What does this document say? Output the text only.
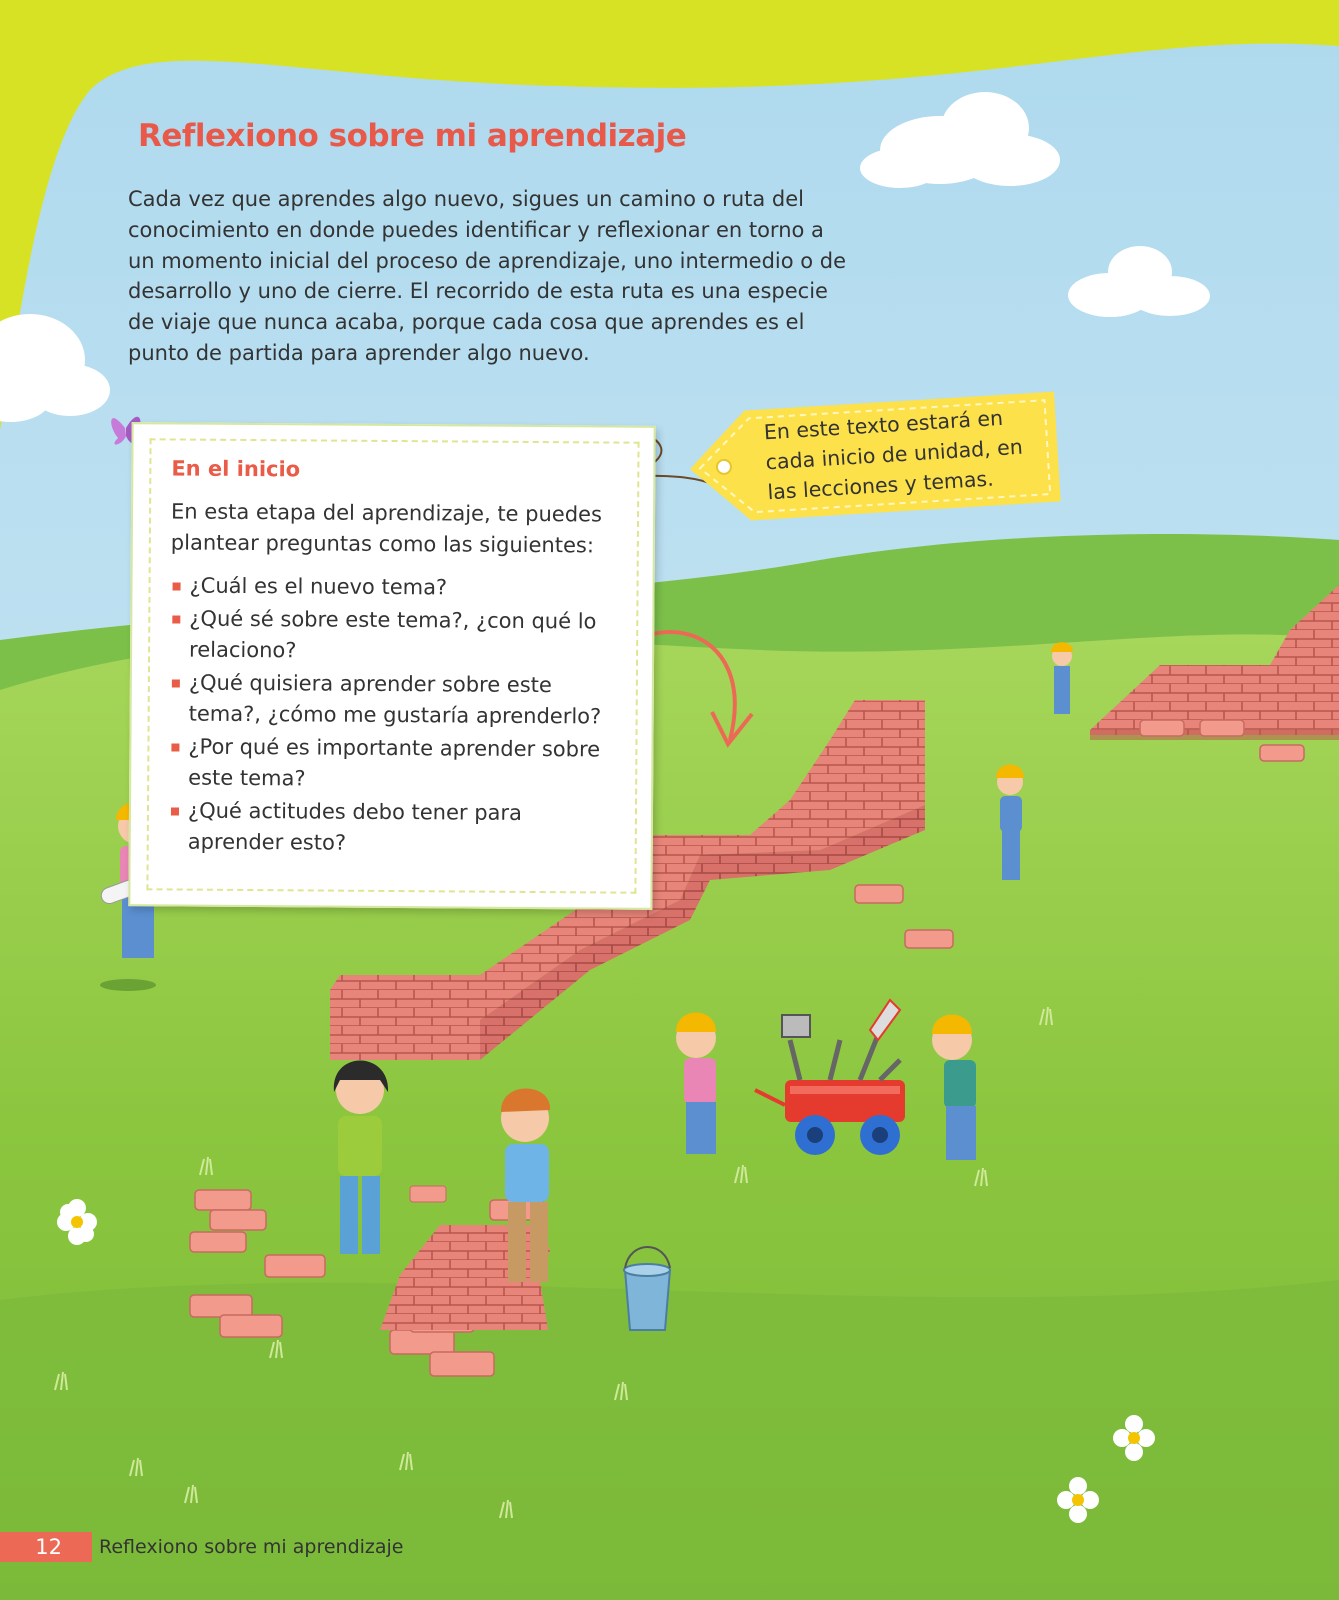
Reflexiono sobre mi aprendizaje

Cada vez que aprendes algo nuevo, sigues un camino o ruta del conocimiento en donde puedes identificar y reflexionar en torno a un momento inicial del proceso de aprendizaje, uno intermedio o de desarrollo y uno de cierre. El recorrido de esta ruta es una especie de viaje que nunca acaba, porque cada cosa que aprendes es el punto de partida para aprender algo nuevo.

En el inicio

En esta etapa del aprendizaje, te puedes plantear preguntas como las siguientes:

¿Cuál es el nuevo tema?
¿Qué sé sobre este tema?, ¿con qué lo relaciono?
¿Qué quisiera aprender sobre este tema?, ¿cómo me gustaría aprenderlo?
¿Por qué es importante aprender sobre este tema?
¿Qué actitudes debo tener para aprender esto?

En este texto estará en cada inicio de unidad, en las lecciones y temas.

12	Reflexiono sobre mi aprendizaje
